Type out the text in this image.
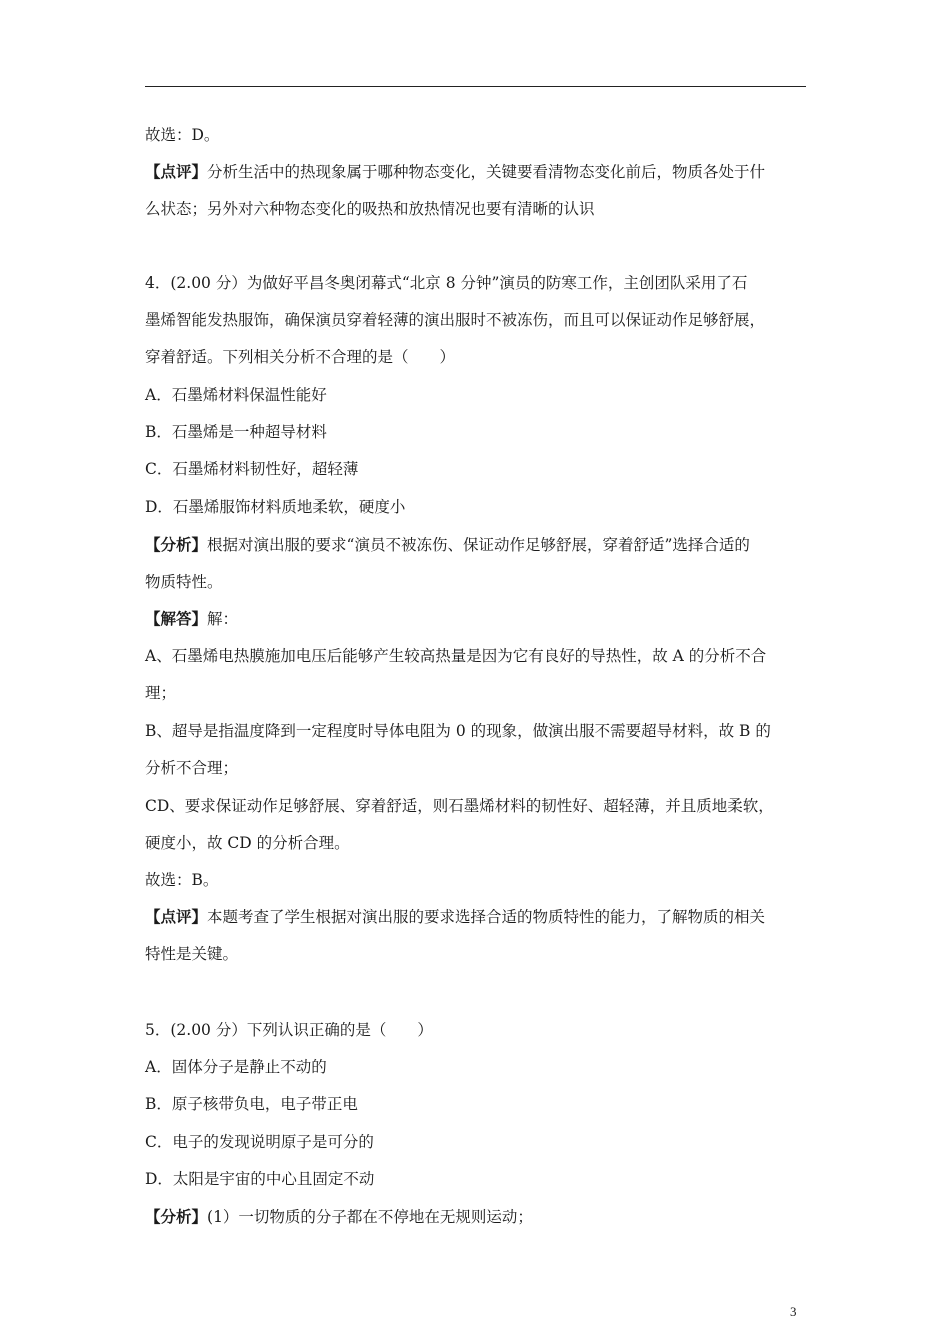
故选：D。
【点评】分析生活中的热现象属于哪种物态变化，关键要看清物态变化前后，物质各处于什
么状态；另外对六种物态变化的吸热和放热情况也要有清晰的认识
4．(2.00 分）为做好平昌冬奥闭幕式“北京 8 分钟”演员的防寒工作，主创团队采用了石
墨烯智能发热服饰，确保演员穿着轻薄的演出服时不被冻伤，而且可以保证动作足够舒展，
穿着舒适。下列相关分析不合理的是（　　）
A．石墨烯材料保温性能好
B．石墨烯是一种超导材料
C．石墨烯材料韧性好，超轻薄
D．石墨烯服饰材料质地柔软，硬度小
【分析】根据对演出服的要求“演员不被冻伤、保证动作足够舒展，穿着舒适”选择合适的
物质特性。
【解答】解：
A、石墨烯电热膜施加电压后能够产生较高热量是因为它有良好的导热性，故 A 的分析不合
理；
B、超导是指温度降到一定程度时导体电阻为 0 的现象，做演出服不需要超导材料，故 B 的
分析不合理；
CD、要求保证动作足够舒展、穿着舒适，则石墨烯材料的韧性好、超轻薄，并且质地柔软，
硬度小，故 CD 的分析合理。
故选：B。
【点评】本题考查了学生根据对演出服的要求选择合适的物质特性的能力，了解物质的相关
特性是关键。
5．(2.00 分）下列认识正确的是（　　）
A．固体分子是静止不动的
B．原子核带负电，电子带正电
C．电子的发现说明原子是可分的
D．太阳是宇宙的中心且固定不动
【分析】(1）一切物质的分子都在不停地在无规则运动；
3
